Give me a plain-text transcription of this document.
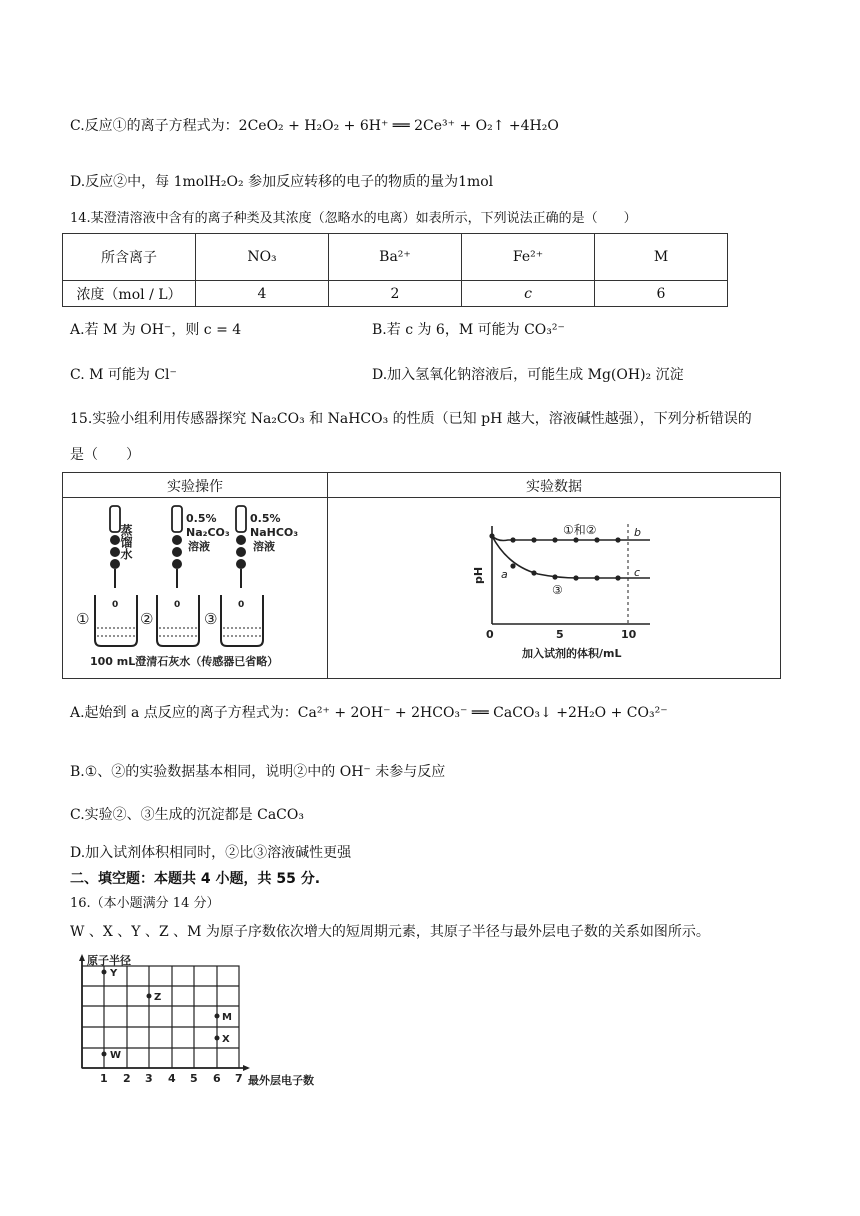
C.反应①的离子方程式为：2CeO₂ + H₂O₂ + 6H⁺ ══ 2Ce³⁺ + O₂↑ +4H₂O
D.反应②中，每 1molH₂O₂ 参加反应转移的电子的物质的量为1mol
14.某澄清溶液中含有的离子种类及其浓度（忽略水的电离）如表所示，下列说法正确的是（　　）
所含离子	NO₃	Ba²⁺	Fe²⁺	M
浓度（mol / L）	4	2	c	6
A.若 M 为 OH⁻，则 c = 4	B.若 c 为 6，M 可能为 CO₃²⁻
C. M 可能为 Cl⁻	D.加入氢氧化钠溶液后，可能生成 Mg(OH)₂ 沉淀
15.实验小组利用传感器探究 Na₂CO₃ 和 NaHCO₃ 的性质（已知 pH 越大，溶液碱性越强），下列分析错误的
是（　　）
实验操作	实验数据
蒸馏水
0.5%
Na₂CO₃
溶液
0.5%
NaHCO₃
溶液
0	0	0
①	②	③
100 mL澄清石灰水（传感器已省略）
①和②
③
a
b
c
0	5	10
加入试剂的体积/mL
pH
A.起始到 a 点反应的离子方程式为：Ca²⁺ + 2OH⁻ + 2HCO₃⁻ ══ CaCO₃↓ +2H₂O + CO₃²⁻
B.①、②的实验数据基本相同，说明②中的 OH⁻ 未参与反应
C.实验②、③生成的沉淀都是 CaCO₃
D.加入试剂体积相同时，②比③溶液碱性更强
二、填空题：本题共 4 小题，共 55 分.
16.（本小题满分 14 分）
W 、X 、Y 、Z 、M 为原子序数依次增大的短周期元素，其原子半径与最外层电子数的关系如图所示。
原子半径
Y
Z
M
X
W
1 2 3 4 5 6 7 最外层电子数
